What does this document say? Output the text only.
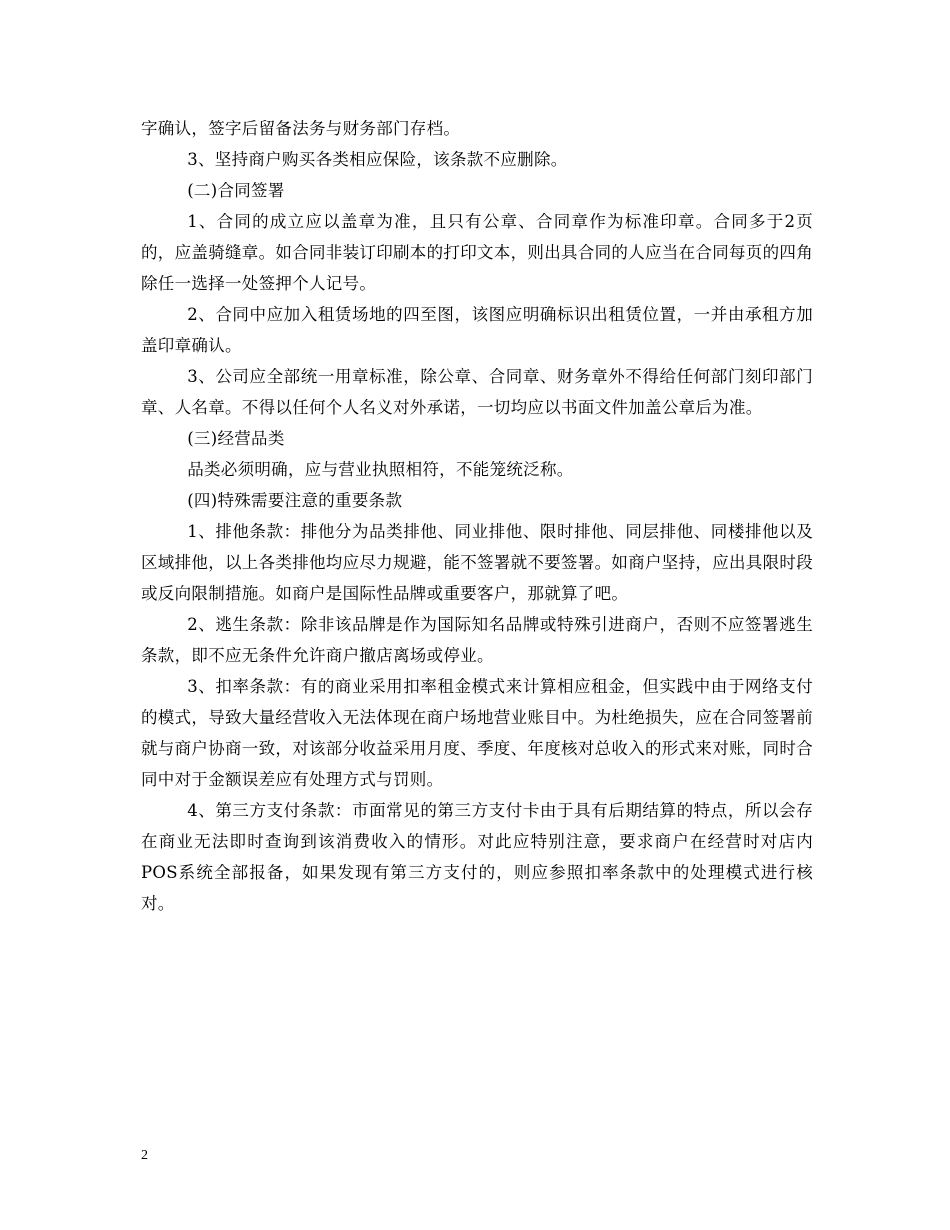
字确认，签字后留备法务与财务部门存档。

3、坚持商户购买各类相应保险，该条款不应删除。

(二)合同签署

1、合同的成立应以盖章为准，且只有公章、合同章作为标准印章。合同多于2页的，应盖骑缝章。如合同非装订印刷本的打印文本，则出具合同的人应当在合同每页的四角除任一选择一处签押个人记号。

2、合同中应加入租赁场地的四至图，该图应明确标识出租赁位置，一并由承租方加盖印章确认。

3、公司应全部统一用章标准，除公章、合同章、财务章外不得给任何部门刻印部门章、人名章。不得以任何个人名义对外承诺，一切均应以书面文件加盖公章后为准。

(三)经营品类

品类必须明确，应与营业执照相符，不能笼统泛称。

(四)特殊需要注意的重要条款

1、排他条款：排他分为品类排他、同业排他、限时排他、同层排他、同楼排他以及区域排他，以上各类排他均应尽力规避，能不签署就不要签署。如商户坚持，应出具限时段或反向限制措施。如商户是国际性品牌或重要客户，那就算了吧。

2、逃生条款：除非该品牌是作为国际知名品牌或特殊引进商户，否则不应签署逃生条款，即不应无条件允许商户撤店离场或停业。

3、扣率条款：有的商业采用扣率租金模式来计算相应租金，但实践中由于网络支付的模式，导致大量经营收入无法体现在商户场地营业账目中。为杜绝损失，应在合同签署前就与商户协商一致，对该部分收益采用月度、季度、年度核对总收入的形式来对账，同时合同中对于金额误差应有处理方式与罚则。

4、第三方支付条款：市面常见的第三方支付卡由于具有后期结算的特点，所以会存在商业无法即时查询到该消费收入的情形。对此应特别注意，要求商户在经营时对店内POS系统全部报备，如果发现有第三方支付的，则应参照扣率条款中的处理模式进行核对。

2
